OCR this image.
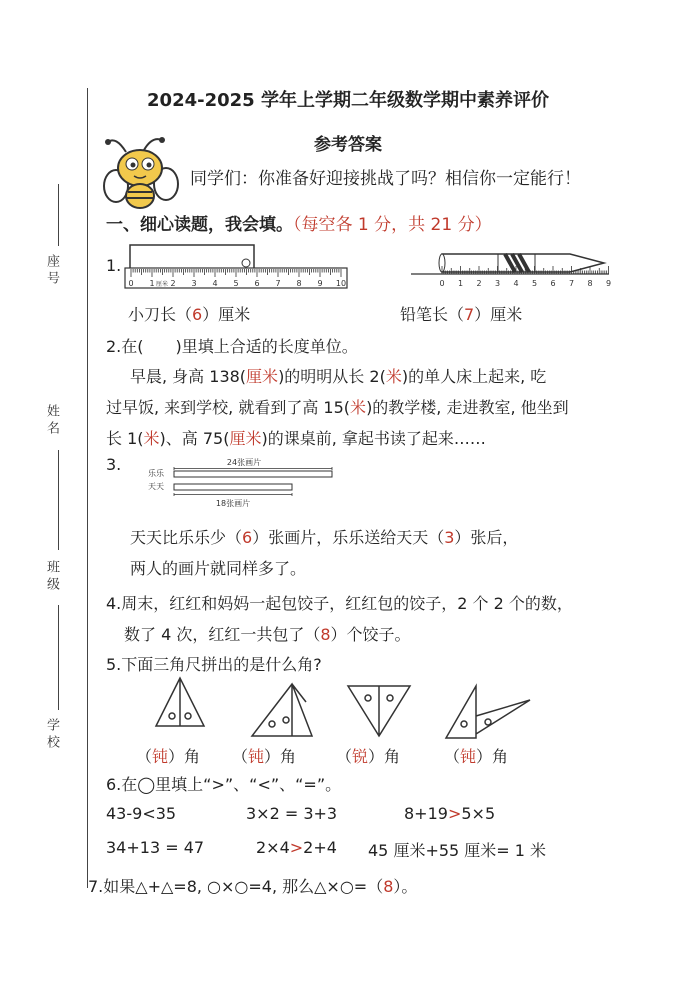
座 号
姓 名
班 级
学 校
2024-2025 学年上学期二年级数学期中素养评价
参考答案
同学们：你准备好迎接挑战了吗？相信你一定能行！
一、细心读题，我会填。（每空各 1 分，共 21 分）
1.
0 1 2 3 4 5 6 7 8 9 10
厘米	0 1 2 3 4 5 6 7 8 9
小刀长（6）厘米	铅笔长（7）厘米
2.在(　　)里填上合适的长度单位。
早晨, 身高 138(厘米)的明明从长 2(米)的单人床上起来, 吃
过早饭, 来到学校, 就看到了高 15(米)的教学楼, 走进教室, 他坐到
长 1(米)、高 75(厘米)的课桌前, 拿起书读了起来……
3.	24张画片
乐乐
天天
18张画片
天天比乐乐少（6）张画片，乐乐送给天天（3）张后，
两人的画片就同样多了。
4.周末，红红和妈妈一起包饺子，红红包的饺子，2 个 2 个的数，
数了 4 次，红红一共包了（8）个饺子。
5.下面三角尺拼出的是什么角?
（钝）角 （钝）角 （锐）角	（钝）角
6.在◯里填上“>”、“<”、“=”。
43-9<35	3×2 = 3+3	8+19>5×5
34+13 = 47	2×4>2+4 45 厘米+55 厘米= 1 米
7.如果△+△=8, ○×○=4, 那么△×○=（8）。
